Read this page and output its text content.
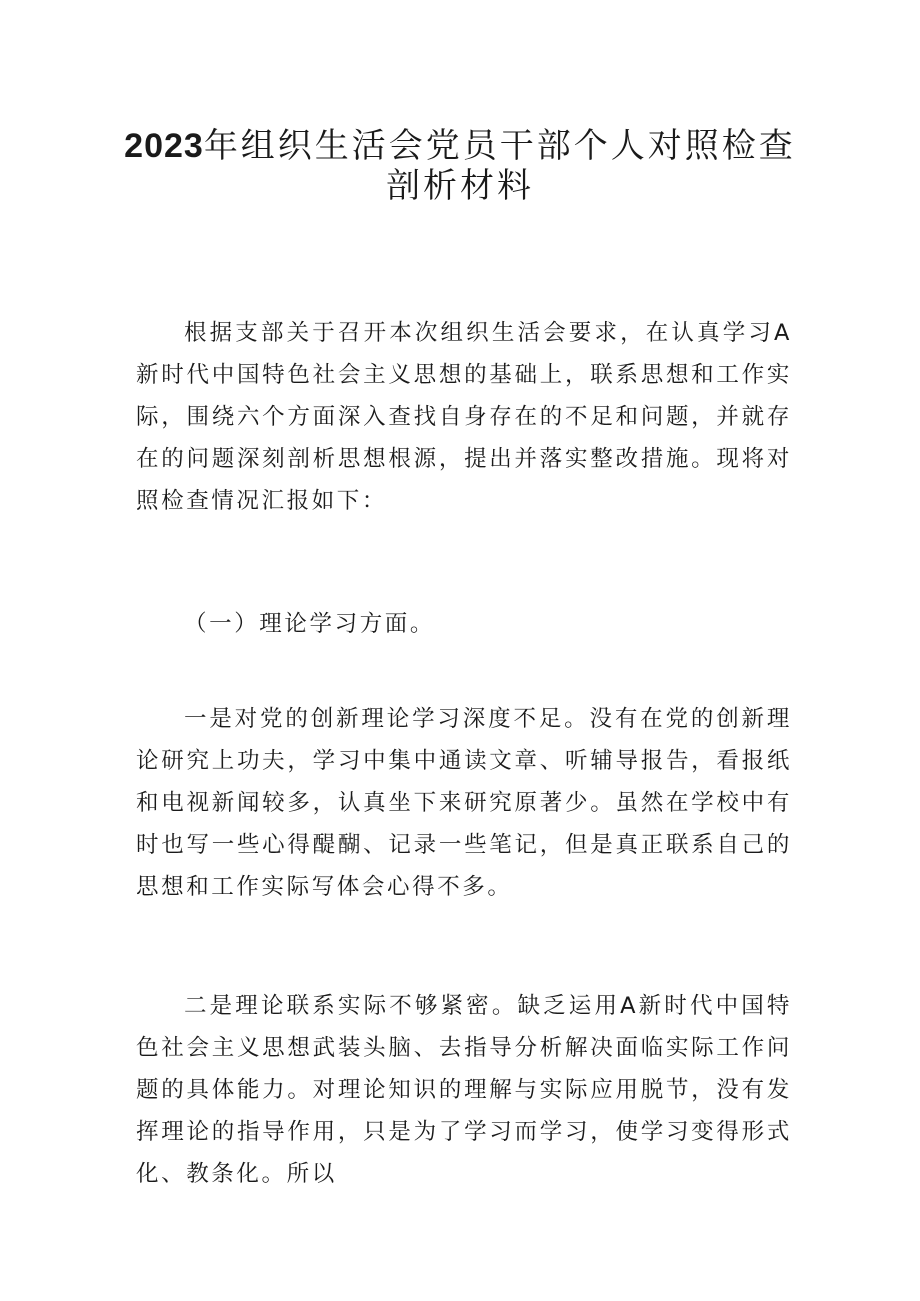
2023年组织生活会党员干部个人对照检查
剖析材料

根据支部关于召开本次组织生活会要求，在认真学习A新时代中国特色社会主义思想的基础上，联系思想和工作实际，围绕六个方面深入查找自身存在的不足和问题，并就存在的问题深刻剖析思想根源，提出并落实整改措施。现将对照检查情况汇报如下：

（一）理论学习方面。

一是对党的创新理论学习深度不足。没有在党的创新理论研究上功夫，学习中集中通读文章、听辅导报告，看报纸和电视新闻较多，认真坐下来研究原著少。虽然在学校中有时也写一些心得醍醐、记录一些笔记，但是真正联系自己的思想和工作实际写体会心得不多。

二是理论联系实际不够紧密。缺乏运用A新时代中国特色社会主义思想武装头脑、去指导分析解决面临实际工作问题的具体能力。对理论知识的理解与实际应用脱节，没有发挥理论的指导作用，只是为了学习而学习，使学习变得形式化、教条化。所以
